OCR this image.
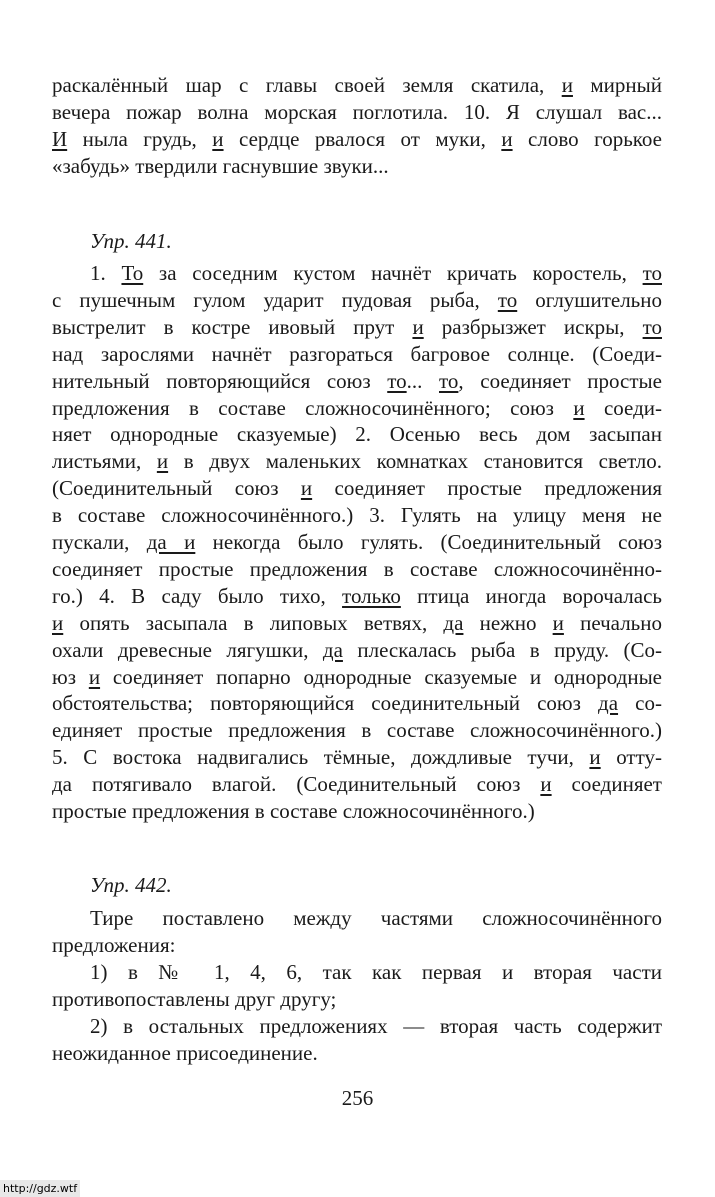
раскалённый шар с главы своей земля скатила, и мирный
вечера пожар волна морская поглотила. 10. Я слушал вас...
И ныла грудь, и сердце рвалося от муки, и слово горькое
«забудь» твердили гаснувшие звуки...
Упр. 441.
1. То за соседним кустом начнёт кричать коростель, то
с пушечным гулом ударит пудовая рыба, то оглушительно
выстрелит в костре ивовый прут и разбрызжет искры, то
над зарослями начнёт разгораться багровое солнце. (Соеди-
нительный повторяющийся союз то... то, соединяет простые
предложения в составе сложносочинённого; союз и соеди-
няет однородные сказуемые) 2. Осенью весь дом засыпан
листьями, и в двух маленьких комнатках становится светло.
(Соединительный союз и соединяет простые предложения
в составе сложносочинённого.) 3. Гулять на улицу меня не
пускали, да и некогда было гулять. (Соединительный союз
соединяет простые предложения в составе сложносочинённо-
го.) 4. В саду было тихо, только птица иногда ворочалась
и опять засыпала в липовых ветвях, да нежно и печально
охали древесные лягушки, да плескалась рыба в пруду. (Со-
юз и соединяет попарно однородные сказуемые и однородные
обстоятельства; повторяющийся соединительный союз да со-
единяет простые предложения в составе сложносочинённого.)
5. С востока надвигались тёмные, дождливые тучи, и отту-
да потягивало влагой. (Соединительный союз и соединяет
простые предложения в составе сложносочинённого.)
Упр. 442.
Тире поставлено между частями сложносочинённого
предложения:
1) в № 1, 4, 6, так как первая и вторая части
противопоставлены друг другу;
2) в остальных предложениях — вторая часть содержит
неожиданное присоединение.
256
http://gdz.wtf
